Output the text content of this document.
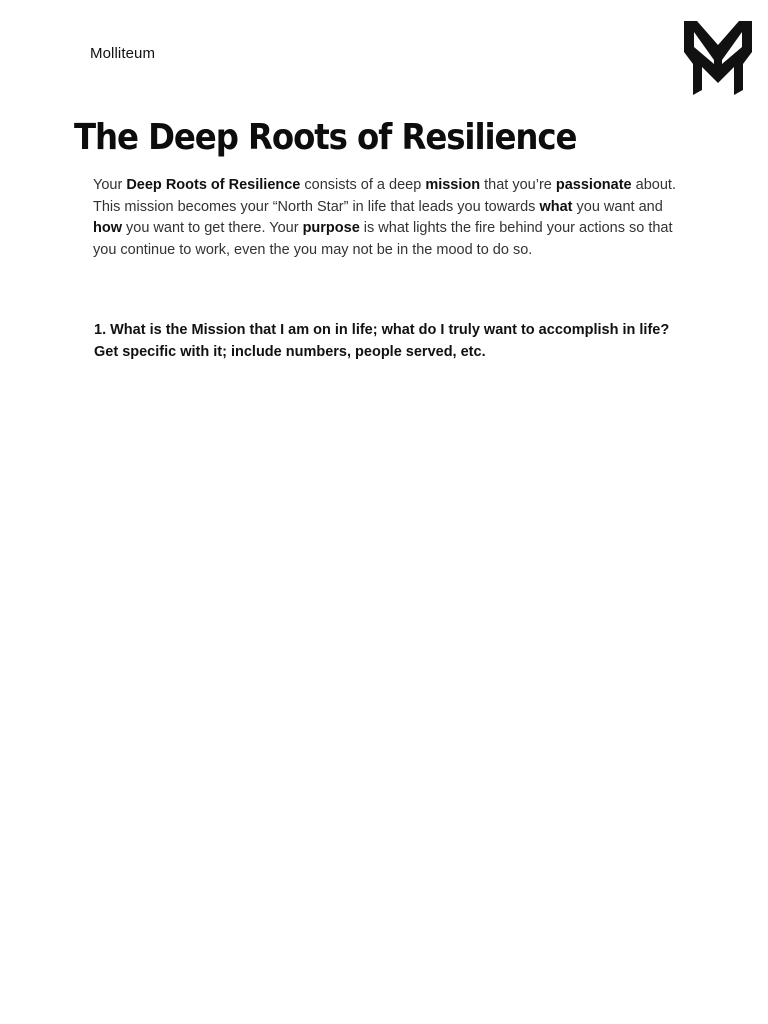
Molliteum
The Deep Roots of Resilience

Your Deep Roots of Resilience consists of a deep mission that you’re passionate about. This mission becomes your “North Star” in life that leads you towards what you want and how you want to get there. Your purpose is what lights the fire behind your actions so that you continue to work, even the you may not be in the mood to do so.

1. What is the Mission that I am on in life; what do I truly want to accomplish in life? Get specific with it; include numbers, people served, etc.
